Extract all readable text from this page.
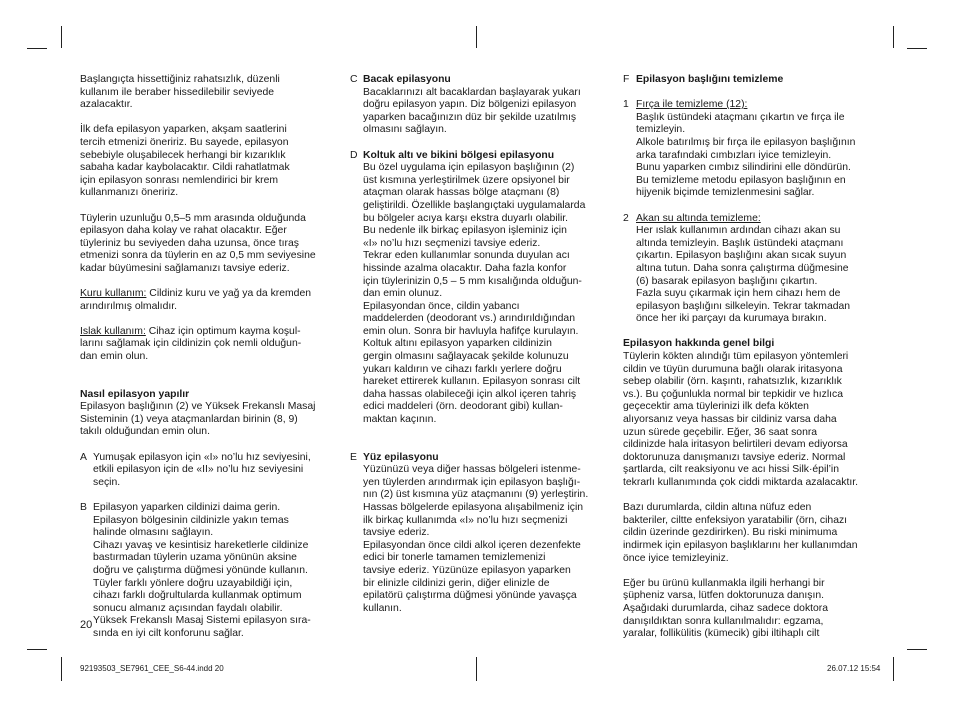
Başlangıçta hissettiğiniz rahatsızlık, düzenli
kullanım ile beraber hissedilebilir seviyede
azalacaktır.

İlk defa epilasyon yaparken, akşam saatlerini
tercih etmenizi öneririz. Bu sayede, epilasyon
sebebiyle oluşabilecek herhangi bir kızarıklık
sabaha kadar kaybolacaktır. Cildi rahatlatmak
için epilasyon sonrası nemlendirici bir krem
kullanmanızı öneririz.

Tüylerin uzunluğu 0,5–5 mm arasında olduğunda
epilasyon daha kolay ve rahat olacaktır. Eğer
tüyleriniz bu seviyeden daha uzunsa, önce tıraş
etmenizi sonra da tüylerin en az 0,5 mm seviyesine
kadar büyümesini sağlamanızı tavsiye ederiz.

Kuru kullanım: Cildiniz kuru ve yağ ya da kremden
arındırılmış olmalıdır.

Islak kullanım: Cihaz için optimum kayma koşul-
larını sağlamak için cildinizin çok nemli olduğun-
dan emin olun.

Nasıl epilasyon yapılır
Epilasyon başlığının (2) ve Yüksek Frekanslı Masaj
Sisteminin (1) veya ataçmanlardan birinin (8, 9)
takılı olduğundan emin olun.

A Yumuşak epilasyon için «I» no’lu hız seviyesini,
etkili epilasyon için de «II» no’lu hız seviyesini
seçin.

B Epilasyon yaparken cildinizi daima gerin.
Epilasyon bölgesinin cildinizle yakın temas
halinde olmasını sağlayın.
Cihazı yavaş ve kesintisiz hareketlerle cildinize
bastırmadan tüylerin uzama yönünün aksine
doğru ve çalıştırma düğmesi yönünde kullanın.
Tüyler farklı yönlere doğru uzayabildiği için,
cihazı farklı doğrultularda kullanmak optimum
sonucu almanız açısından faydalı olabilir.
Yüksek Frekanslı Masaj Sistemi epilasyon sıra-
sında en iyi cilt konforunu sağlar.

C Bacak epilasyonu
Bacaklarınızı alt bacaklardan başlayarak yukarı
doğru epilasyon yapın. Diz bölgenizi epilasyon
yaparken bacağınızın düz bir şekilde uzatılmış
olmasını sağlayın.

D Koltuk altı ve bikini bölgesi epilasyonu
Bu özel uygulama için epilasyon başlığının (2)
üst kısmına yerleştirilmek üzere opsiyonel bir
ataçman olarak hassas bölge ataçmanı (8)
geliştirildi. Özellikle başlangıçtaki uygulamalarda
bu bölgeler acıya karşı ekstra duyarlı olabilir.
Bu nedenle ilk birkaç epilasyon işleminiz için
«I» no’lu hızı seçmenizi tavsiye ederiz.
Tekrar eden kullanımlar sonunda duyulan acı
hissinde azalma olacaktır. Daha fazla konfor
için tüylerinizin 0,5 – 5 mm kısalığında olduğun-
dan emin olunuz.
Epilasyondan önce, cildin yabancı
maddelerden (deodorant vs.) arındırıldığından
emin olun. Sonra bir havluyla hafifçe kurulayın.
Koltuk altını epilasyon yaparken cildinizin
gergin olmasını sağlayacak şekilde kolunuzu
yukarı kaldırın ve cihazı farklı yerlere doğru
hareket ettirerek kullanın. Epilasyon sonrası cilt
daha hassas olabileceği için alkol içeren tahriş
edici maddeleri (örn. deodorant gibi) kullan-
maktan kaçının.

E Yüz epilasyonu
Yüzünüzü veya diğer hassas bölgeleri istenme-
yen tüylerden arındırmak için epilasyon başlığı-
nın (2) üst kısmına yüz ataçmanını (9) yerleştirin.
Hassas bölgelerde epilasyona alışabilmeniz için
ilk birkaç kullanımda «I» no’lu hızı seçmenizi
tavsiye ederiz.
Epilasyondan önce cildi alkol içeren dezenfekte
edici bir tonerle tamamen temizlemenizi
tavsiye ederiz. Yüzünüze epilasyon yaparken
bir elinizle cildinizi gerin, diğer elinizle de
epilatörü çalıştırma düğmesi yönünde yavaşça
kullanın.

F Epilasyon başlığını temizleme

1 Fırça ile temizleme (12):
Başlık üstündeki ataçmanı çıkartın ve fırça ile
temizleyin.
Alkole batırılmış bir fırça ile epilasyon başlığının
arka tarafındaki cımbızları iyice temizleyin.
Bunu yaparken cımbız silindirini elle döndürün.
Bu temizleme metodu epilasyon başlığının en
hijyenik biçimde temizlenmesini sağlar.

2 Akan su altında temizleme:
Her ıslak kullanımın ardından cihazı akan su
altında temizleyin. Başlık üstündeki ataçmanı
çıkartın. Epilasyon başlığını akan sıcak suyun
altına tutun. Daha sonra çalıştırma düğmesine
(6) basarak epilasyon başlığını çıkartın.
Fazla suyu çıkarmak için hem cihazı hem de
epilasyon başlığını silkeleyin. Tekrar takmadan
önce her iki parçayı da kurumaya bırakın.

Epilasyon hakkında genel bilgi
Tüylerin kökten alındığı tüm epilasyon yöntemleri
cildin ve tüyün durumuna bağlı olarak iritasyona
sebep olabilir (örn. kaşıntı, rahatsızlık, kızarıklık
vs.). Bu çoğunlukla normal bir tepkidir ve hızlıca
geçecektir ama tüylerinizi ilk defa kökten
alıyorsanız veya hassas bir cildiniz varsa daha
uzun sürede geçebilir. Eğer, 36 saat sonra
cildinizde hala iritasyon belirtileri devam ediyorsa
doktorunuza danışmanızı tavsiye ederiz. Normal
şartlarda, cilt reaksiyonu ve acı hissi Silk·épil’in
tekrarlı kullanımında çok ciddi miktarda azalacaktır.

Bazı durumlarda, cildin altına nüfuz eden
bakteriler, ciltte enfeksiyon yaratabilir (örn, cihazı
cildin üzerinde gezdirirken). Bu riski minimuma
indirmek için epilasyon başlıklarını her kullanımdan
önce iyice temizleyiniz.

Eğer bu ürünü kullanmakla ilgili herhangi bir
şüpheniz varsa, lütfen doktorunuza danışın.
Aşağıdaki durumlarda, cihaz sadece doktora
danışıldıktan sonra kullanılmalıdır: egzama,
yaralar, follikülitis (kümecik) gibi iltihaplı cilt

20
92193503_SE7961_CEE_S6-44.indd 20	26.07.12 15:54
